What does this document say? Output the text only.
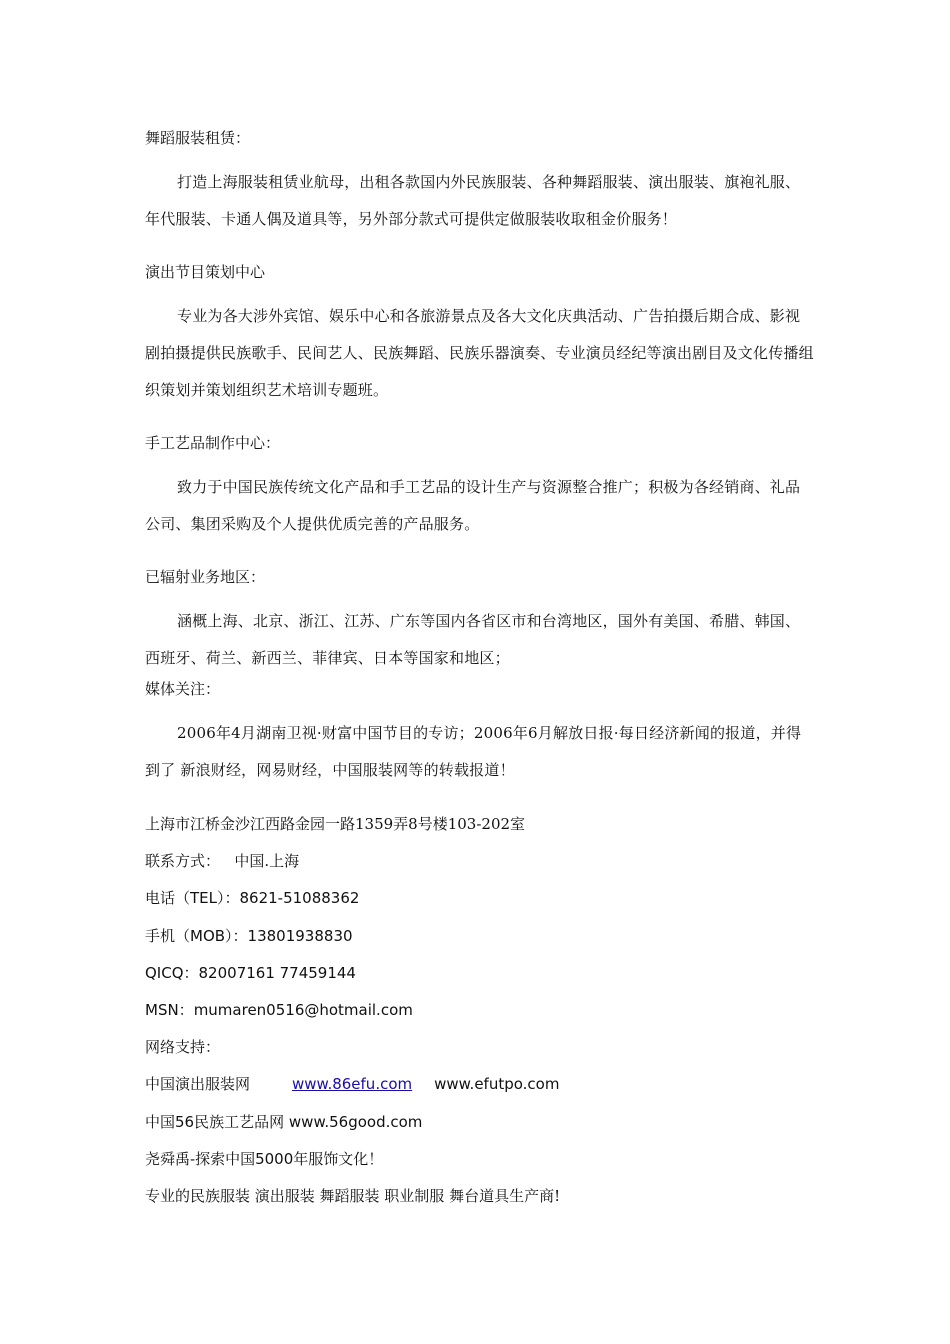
舞蹈服装租赁：
打造上海服装租赁业航母，出租各款国内外民族服装、各种舞蹈服装、演出服装、旗袍礼服、年代服装、卡通人偶及道具等，另外部分款式可提供定做服装收取租金价服务！
演出节目策划中心
专业为各大涉外宾馆、娱乐中心和各旅游景点及各大文化庆典活动、广告拍摄后期合成、影视剧拍摄提供民族歌手、民间艺人、民族舞蹈、民族乐器演奏、专业演员经纪等演出剧目及文化传播组织策划并策划组织艺术培训专题班。
手工艺品制作中心：
致力于中国民族传统文化产品和手工艺品的设计生产与资源整合推广；积极为各经销商、礼品公司、集团采购及个人提供优质完善的产品服务。
已辐射业务地区：
涵概上海、北京、浙江、江苏、广东等国内各省区市和台湾地区，国外有美国、希腊、韩国、西班牙、荷兰、新西兰、菲律宾、日本等国家和地区；
媒体关注：
2006年4月湖南卫视·财富中国节目的专访；2006年6月解放日报·每日经济新闻的报道，并得到了 新浪财经，网易财经，中国服装网等的转载报道！
上海市江桥金沙江西路金园一路1359弄8号楼103-202室
联系方式： 中国.上海
电话（TEL）：8621-51088362
手机（MOB）：13801938830
QICQ：82007161 77459144
MSN：mumaren0516@hotmail.com
网络支持：
中国演出服装网	www.86efu.com www.efutpo.com
中国56民族工艺品网 www.56good.com
尧舜禹-探索中国5000年服饰文化！
专业的民族服装 演出服装 舞蹈服装 职业制服 舞台道具生产商!
